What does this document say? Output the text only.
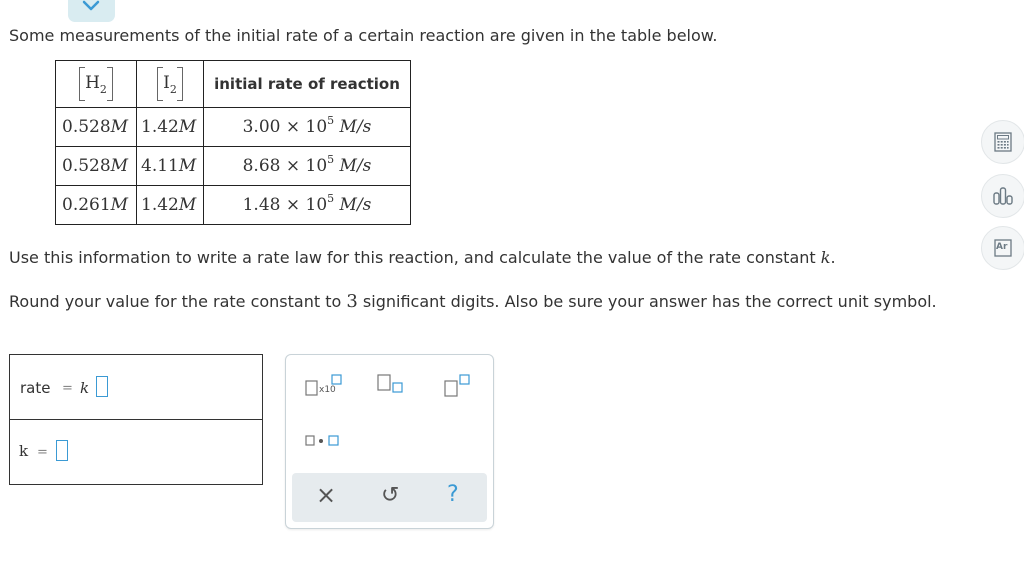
Some measurements of the initial rate of a certain reaction are given in the table below.

$H_2$	$I_2$	initial rate of reaction
0.528M	1.42M	$3.00 \times 10^5$ M/s
0.528M	4.11M	$8.68 \times 10^5$ M/s
0.261M	1.42M	$1.48 \times 10^5$ M/s

Use this information to write a rate law for this reaction, and calculate the value of the rate constant k.

Round your value for the rate constant to 3 significant digits. Also be sure your answer has the correct unit symbol.

rate = k
k =
x10
× ↺ ?
Ar
